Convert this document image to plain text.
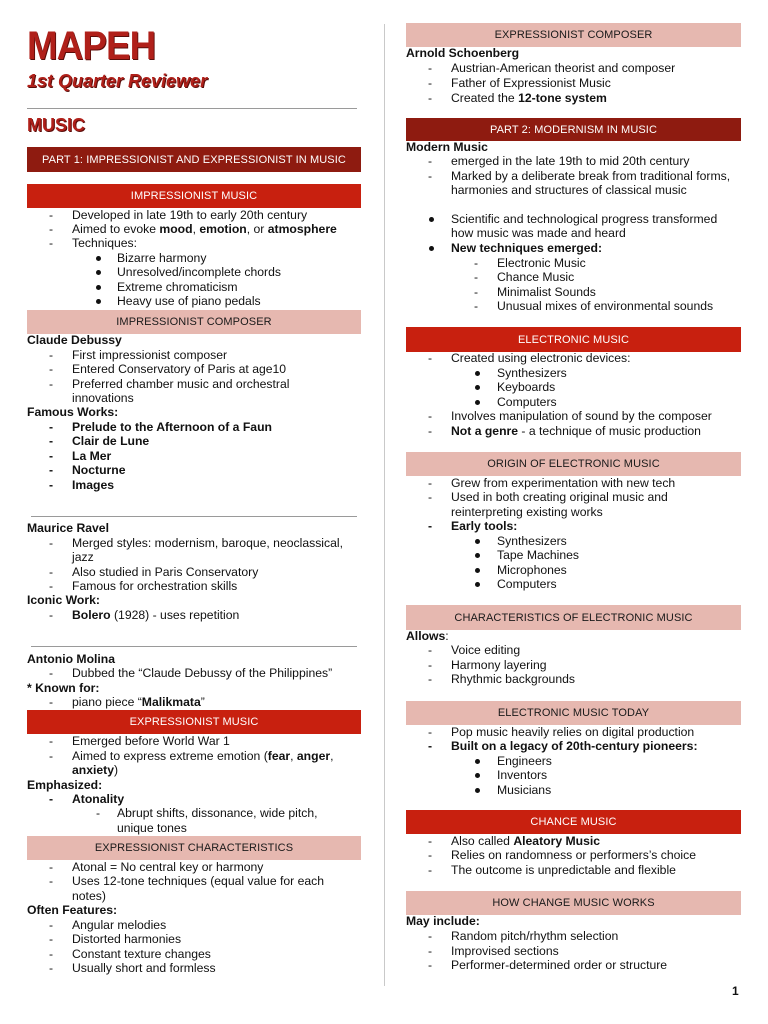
MAPEH
1st Quarter Reviewer
MUSIC
PART 1: IMPRESSIONIST AND EXPRESSIONIST IN MUSIC
IMPRESSIONIST MUSIC
- Developed in late 19th to early 20th century
- Aimed to evoke mood, emotion, or atmosphere
- Techniques:
Bizarre harmony
Unresolved/incomplete chords
Extreme chromaticism
Heavy use of piano pedals
IMPRESSIONIST COMPOSER
Claude Debussy
- First impressionist composer
- Entered Conservatory of Paris at age10
- Preferred chamber music and orchestral
innovations
Famous Works:
- Prelude to the Afternoon of a Faun
- Clair de Lune
- La Mer
- Nocturne
- Images
Maurice Ravel
- Merged styles: modernism, baroque, neoclassical,
jazz
- Also studied in Paris Conservatory
- Famous for orchestration skills
Iconic Work:
- Bolero (1928) - uses repetition
Antonio Molina
- Dubbed the “Claude Debussy of the Philippines”
* Known for:
- piano piece “Malikmata”
EXPRESSIONIST MUSIC
- Emerged before World War 1
- Aimed to express extreme emotion (fear, anger,
anxiety)
Emphasized:
- Atonality
- Abrupt shifts, dissonance, wide pitch,
unique tones
EXPRESSIONIST CHARACTERISTICS
- Atonal = No central key or harmony
- Uses 12-tone techniques (equal value for each
notes)
Often Features:
- Angular melodies
- Distorted harmonies
- Constant texture changes
- Usually short and formless
EXPRESSIONIST COMPOSER
Arnold Schoenberg
- Austrian-American theorist and composer
- Father of Expressionist Music
- Created the 12-tone system
PART 2: MODERNISM IN MUSIC
Modern Music
- emerged in the late 19th to mid 20th century
- Marked by a deliberate break from traditional forms,
harmonies and structures of classical music
Scientific and technological progress transformed
how music was made and heard
New techniques emerged:
- Electronic Music
- Chance Music
- Minimalist Sounds
- Unusual mixes of environmental sounds
ELECTRONIC MUSIC
- Created using electronic devices:
Synthesizers
Keyboards
Computers
- Involves manipulation of sound by the composer
- Not a genre - a technique of music production
ORIGIN OF ELECTRONIC MUSIC
- Grew from experimentation with new tech
- Used in both creating original music and
reinterpreting existing works
- Early tools:
Synthesizers
Tape Machines
Microphones
Computers
CHARACTERISTICS OF ELECTRONIC MUSIC
Allows:
- Voice editing
- Harmony layering
- Rhythmic backgrounds
ELECTRONIC MUSIC TODAY
- Pop music heavily relies on digital production
- Built on a legacy of 20th-century pioneers:
Engineers
Inventors
Musicians
CHANCE MUSIC
- Also called Aleatory Music
- Relies on randomness or performers’s choice
- The outcome is unpredictable and flexible
HOW CHANGE MUSIC WORKS
May include:
- Random pitch/rhythm selection
- Improvised sections
- Performer-determined order or structure
1
